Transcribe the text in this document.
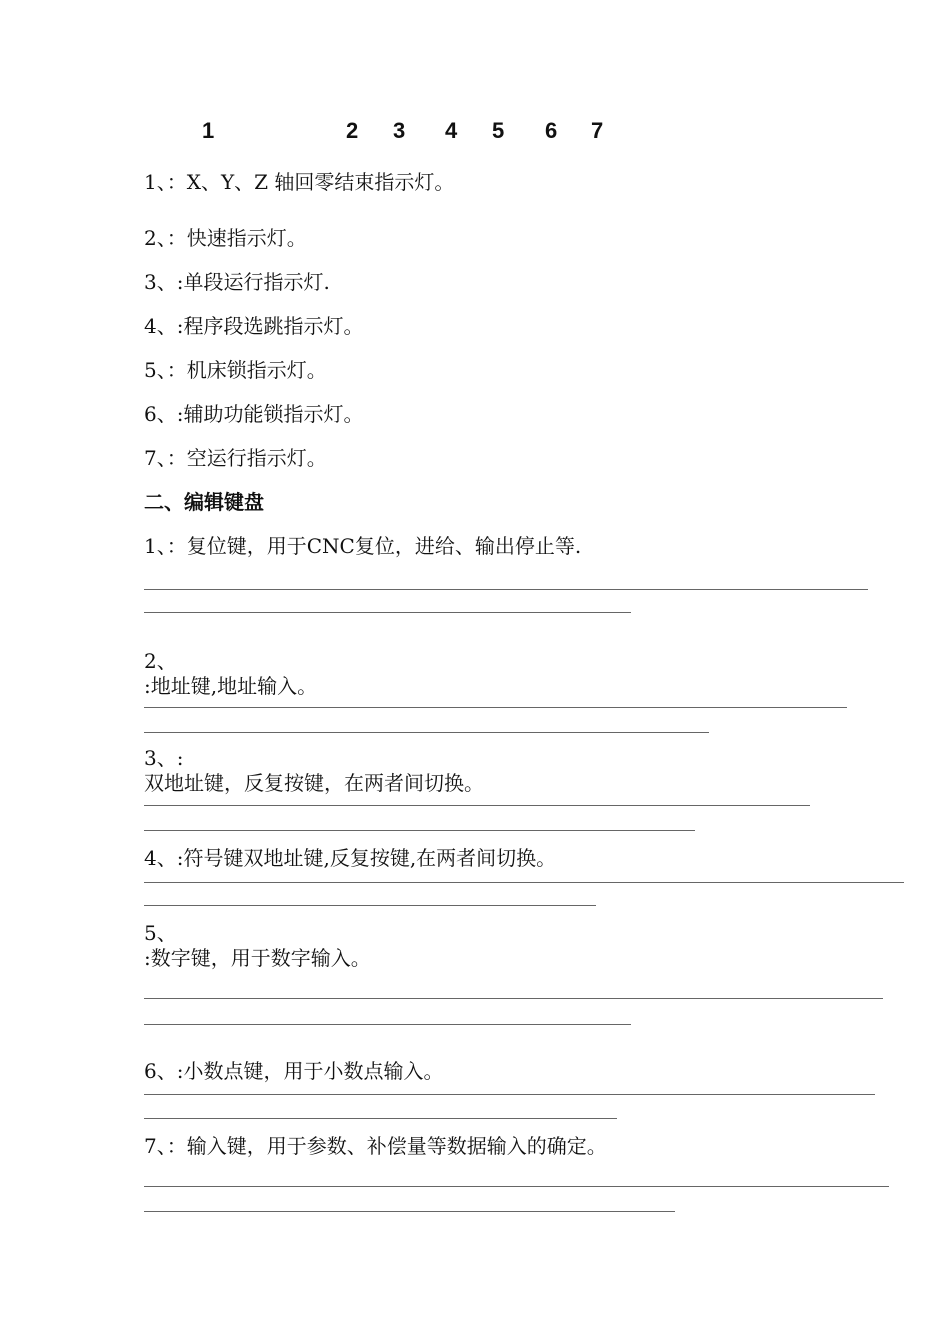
1	2 3 4 5 6 7
1、：X、Y、Z 轴回零结束指示灯。
2、：快速指示灯。
3、:单段运行指示灯.
4、:程序段选跳指示灯。
5、：机床锁指示灯。
6、:辅助功能锁指示灯。
7、：空运行指示灯。
二、编辑键盘
1、：复位键，用于CNC复位，进给、输出停止等.
2、
:地址键,地址输入。
3、:
双地址键，反复按键，在两者间切换。
4、:符号键双地址键,反复按键,在两者间切换。
5、
:数字键，用于数字输入。
6、:小数点键，用于小数点输入。
7、：输入键，用于参数、补偿量等数据输入的确定。
